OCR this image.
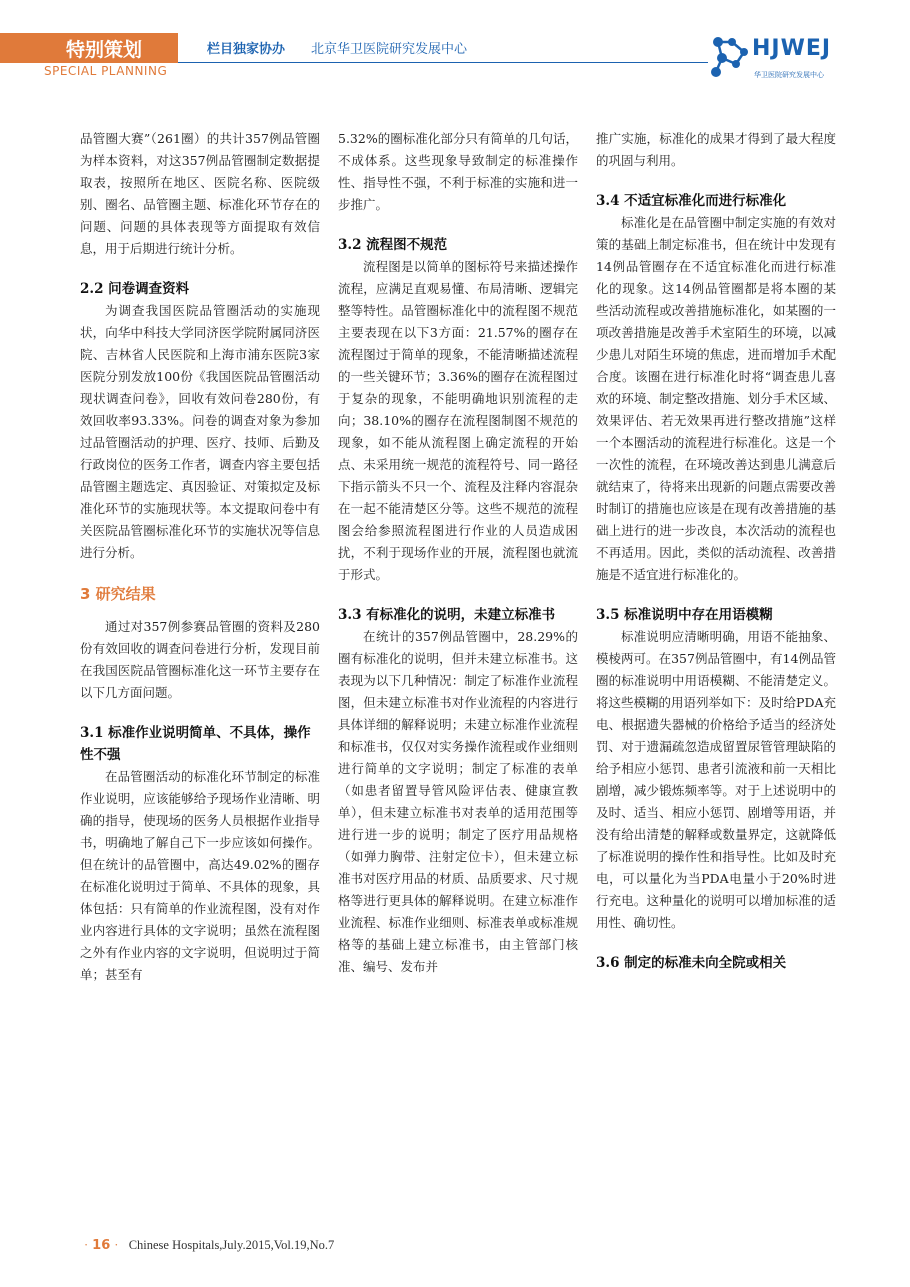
特别策划
SPECIAL PLANNING
栏目独家协办 北京华卫医院研究发展中心	HJWEJ
华卫医院研究发展中心

品管圈大赛”（261圈）的共计357例品管圈为样本资料，对这357例品管圈制定数据提取表，按照所在地区、医院名称、医院级别、圈名、品管圈主题、标准化环节存在的问题、问题的具体表现等方面提取有效信息，用于后期进行统计分析。

2.2 问卷调查资料

为调查我国医院品管圈活动的实施现状，向华中科技大学同济医学院附属同济医院、吉林省人民医院和上海市浦东医院3家医院分别发放100份《我国医院品管圈活动现状调查问卷》，回收有效问卷280份，有效回收率93.33%。问卷的调查对象为参加过品管圈活动的护理、医疗、技师、后勤及行政岗位的医务工作者，调查内容主要包括品管圈主题选定、真因验证、对策拟定及标准化环节的实施现状等。本文提取问卷中有关医院品管圈标准化环节的实施状况等信息进行分析。

3 研究结果

通过对357例参赛品管圈的资料及280份有效回收的调查问卷进行分析，发现目前在我国医院品管圈标准化这一环节主要存在以下几方面问题。

3.1 标准作业说明简单、不具体，操作性不强

在品管圈活动的标准化环节制定的标准作业说明，应该能够给予现场作业清晰、明确的指导，使现场的医务人员根据作业指导书，明确地了解自己下一步应该如何操作。但在统计的品管圈中，高达49.02%的圈存在标准化说明过于简单、不具体的现象，具体包括：只有简单的作业流程图，没有对作业内容进行具体的文字说明；虽然在流程图之外有作业内容的文字说明，但说明过于简单；甚至有

5.32%的圈标准化部分只有简单的几句话，不成体系。这些现象导致制定的标准操作性、指导性不强，不利于标准的实施和进一步推广。

3.2 流程图不规范

流程图是以简单的图标符号来描述操作流程，应满足直观易懂、布局清晰、逻辑完整等特性。品管圈标准化中的流程图不规范主要表现在以下3方面：21.57%的圈存在流程图过于简单的现象，不能清晰描述流程的一些关键环节；3.36%的圈存在流程图过于复杂的现象，不能明确地识别流程的走向；38.10%的圈存在流程图制图不规范的现象，如不能从流程图上确定流程的开始点、未采用统一规范的流程符号、同一路径下指示箭头不只一个、流程及注释内容混杂在一起不能清楚区分等。这些不规范的流程图会给参照流程图进行作业的人员造成困扰，不利于现场作业的开展，流程图也就流于形式。

3.3 有标准化的说明，未建立标准书

在统计的357例品管圈中，28.29%的圈有标准化的说明，但并未建立标准书。这表现为以下几种情况：制定了标准作业流程图，但未建立标准书对作业流程的内容进行具体详细的解释说明；未建立标准作业流程和标准书，仅仅对实务操作流程或作业细则进行简单的文字说明；制定了标准的表单（如患者留置导管风险评估表、健康宣教单），但未建立标准书对表单的适用范围等进行进一步的说明；制定了医疗用品规格（如弹力胸带、注射定位卡），但未建立标准书对医疗用品的材质、品质要求、尺寸规格等进行更具体的解释说明。在建立标准作业流程、标准作业细则、标准表单或标准规格等的基础上建立标准书，由主管部门核准、编号、发布并

推广实施，标准化的成果才得到了最大程度的巩固与利用。

3.4 不适宜标准化而进行标准化

标准化是在品管圈中制定实施的有效对策的基础上制定标准书，但在统计中发现有14例品管圈存在不适宜标准化而进行标准化的现象。这14例品管圈都是将本圈的某些活动流程或改善措施标准化，如某圈的一项改善措施是改善手术室陌生的环境，以减少患儿对陌生环境的焦虑，进而增加手术配合度。该圈在进行标准化时将“调查患儿喜欢的环境、制定整改措施、划分手术区域、效果评估、若无效果再进行整改措施”这样一个本圈活动的流程进行标准化。这是一个一次性的流程，在环境改善达到患儿满意后就结束了，待将来出现新的问题点需要改善时制订的措施也应该是在现有改善措施的基础上进行的进一步改良，本次活动的流程也不再适用。因此，类似的活动流程、改善措施是不适宜进行标准化的。

3.5 标准说明中存在用语模糊

标准说明应清晰明确，用语不能抽象、模棱两可。在357例品管圈中，有14例品管圈的标准说明中用语模糊、不能清楚定义。将这些模糊的用语列举如下：及时给PDA充电、根据遗失器械的价格给予适当的经济处罚、对于遗漏疏忽造成留置尿管管理缺陷的给予相应小惩罚、患者引流液和前一天相比剧增，减少锻炼频率等。对于上述说明中的及时、适当、相应小惩罚、剧增等用语，并没有给出清楚的解释或数量界定，这就降低了标准说明的操作性和指导性。比如及时充电，可以量化为当PDA电量小于20%时进行充电。这种量化的说明可以增加标准的适用性、确切性。

3.6 制定的标准未向全院或相关

· 16 · Chinese Hospitals,July.2015,Vol.19,No.7
